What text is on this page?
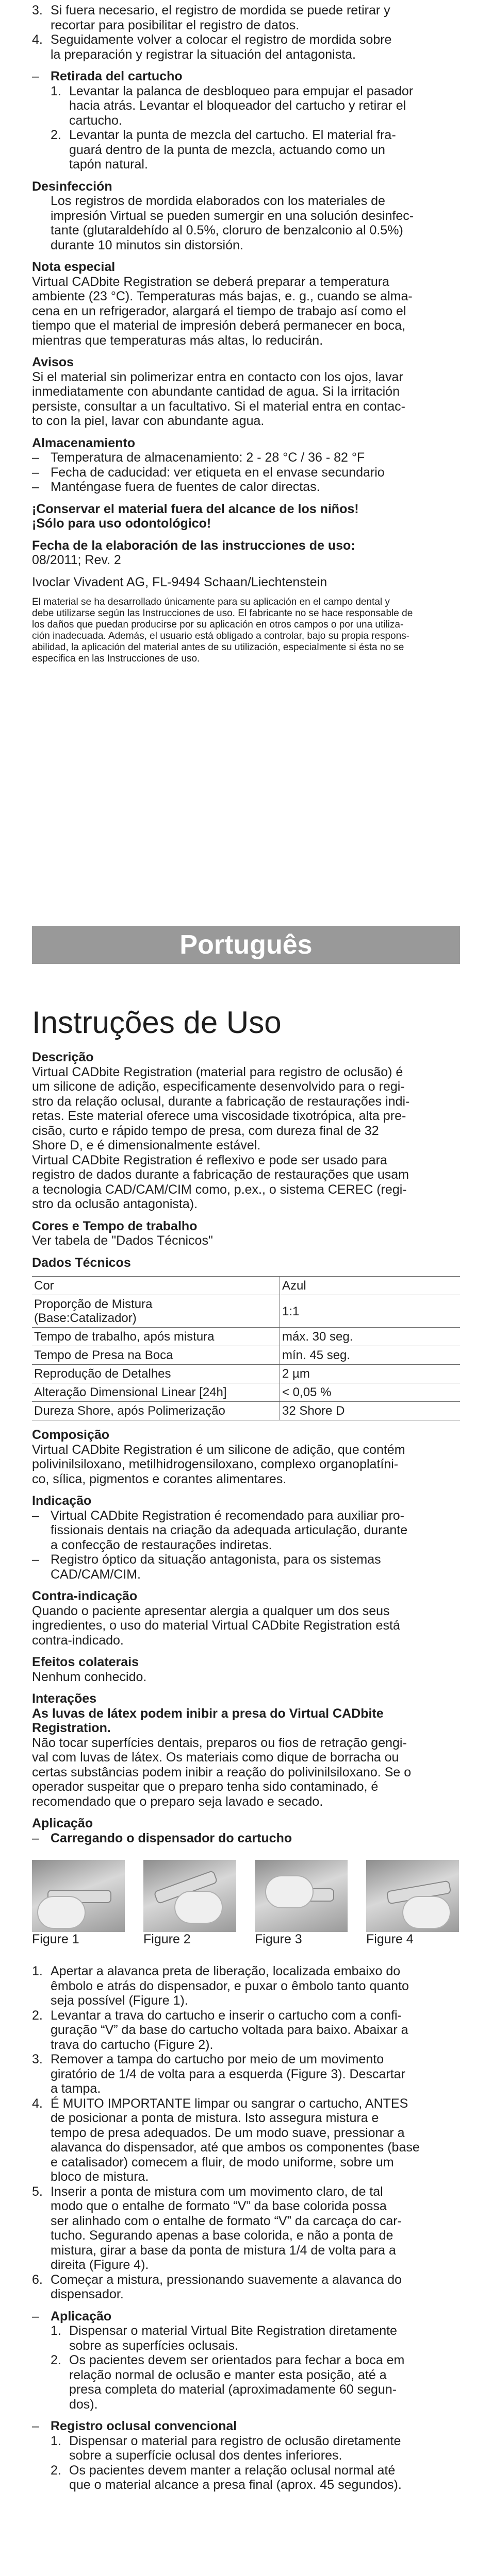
3. Si fuera necesario, el registro de mordida se puede retirar y
recortar para posibilitar el registro de datos.
4. Seguidamente volver a colocar el registro de mordida sobre
la preparación y registrar la situación del antagonista.
– Retirada del cartucho
1. Levantar la palanca de desbloqueo para empujar el pasador
hacia atrás. Levantar el bloqueador del cartucho y retirar el
cartucho.
2. Levantar la punta de mezcla del cartucho. El material fra-
guará dentro de la punta de mezcla, actuando como un
tapón natural.
Desinfección

Los registros de mordida elaborados con los materiales de
impresión Virtual se pueden sumergir en una solución desinfec-
tante (glutaraldehído al 0.5%, cloruro de benzalconio al 0.5%)
durante 10 minutos sin distorsión.

Nota especial

Virtual CADbite Registration se deberá preparar a temperatura
ambiente (23 °C). Temperaturas más bajas, e. g., cuando se alma-
cena en un refrigerador, alargará el tiempo de trabajo así como el
tiempo que el material de impresión deberá permanecer en boca,
mientras que temperaturas más altas, lo reducirán.

Avisos

Si el material sin polimerizar entra en contacto con los ojos, lavar
inmediatamente con abundante cantidad de agua. Si la irritación
persiste, consultar a un facultativo. Si el material entra en contac-
to con la piel, lavar con abundante agua.

Almacenamiento
– Temperatura de almacenamiento: 2 - 28 °C / 36 - 82 °F
– Fecha de caducidad: ver etiqueta en el envase secundario
– Manténgase fuera de fuentes de calor directas.

¡Conservar el material fuera del alcance de los niños!
¡Sólo para uso odontológico!

Fecha de la elaboración de las instrucciones de uso:

08/2011; Rev. 2

Ivoclar Vivadent AG, FL-9494 Schaan/Liechtenstein

El material se ha desarrollado únicamente para su aplicación en el campo dental y
debe utilizarse según las Instrucciones de uso. El fabricante no se hace responsable de
los daños que puedan producirse por su aplicación en otros campos o por una utiliza-
ción inadecuada. Además, el usuario está obligado a controlar, bajo su propia respons-
abilidad, la aplicación del material antes de su utilización, especialmente si ésta no se
especifica en las Instrucciones de uso.

Português
Instruções de Uso
Descrição

Virtual CADbite Registration (material para registro de oclusão) é
um silicone de adição, especificamente desenvolvido para o regi-
stro da relação oclusal, durante a fabricação de restaurações indi-
retas. Este material oferece uma viscosidade tixotrópica, alta pre-
cisão, curto e rápido tempo de presa, com dureza final de 32
Shore D, e é dimensionalmente estável.
Virtual CADbite Registration é reflexivo e pode ser usado para
registro de dados durante a fabricação de restaurações que usam
a tecnologia CAD/CAM/CIM como, p.ex., o sistema CEREC (regi-
stro da oclusão antagonista).

Cores e Tempo de trabalho

Ver tabela de "Dados Técnicos"

Dados Técnicos
Cor	Azul
Proporção de Mistura
(Base:Catalizador)	1:1
Tempo de trabalho, após mistura	máx. 30 seg.
Tempo de Presa na Boca	mín. 45 seg.
Reprodução de Detalhes	2 µm
Alteração Dimensional Linear [24h]	< 0,05 %
Dureza Shore, após Polimerização	32 Shore D
Composição

Virtual CADbite Registration é um silicone de adição, que contém
polivinilsiloxano, metilhidrogensiloxano, complexo organoplatíni-
co, sílica, pigmentos e corantes alimentares.

Indicação
– Virtual CADbite Registration é recomendado para auxiliar pro-
fissionais dentais na criação da adequada articulação, durante
a confecção de restaurações indiretas.
– Registro óptico da situação antagonista, para os sistemas
CAD/CAM/CIM.
Contra-indicação

Quando o paciente apresentar alergia a qualquer um dos seus
ingredientes, o uso do material Virtual CADbite Registration está
contra-indicado.

Efeitos colaterais

Nenhum conhecido.

Interações

As luvas de látex podem inibir a presa do Virtual CADbite
Registration.

Não tocar superfícies dentais, preparos ou fios de retração gengi-
val com luvas de látex. Os materiais como dique de borracha ou
certas substâncias podem inibir a reação do polivinilsiloxano. Se o
operador suspeitar que o preparo tenha sido contaminado, é
recomendado que o preparo seja lavado e secado.

Aplicação
– Carregando o dispensador do cartucho
Figure 1	Figure 2	Figure 3	Figure 4
1. Apertar a alavanca preta de liberação, localizada embaixo do
êmbolo e atrás do dispensador, e puxar o êmbolo tanto quanto
seja possível (Figure 1).
2. Levantar a trava do cartucho e inserir o cartucho com a confi-
guração “V” da base do cartucho voltada para baixo. Abaixar a
trava do cartucho (Figure 2).
3. Remover a tampa do cartucho por meio de um movimento
giratório de 1/4 de volta para a esquerda (Figure 3). Descartar
a tampa.
4. É MUITO IMPORTANTE limpar ou sangrar o cartucho, ANTES
de posicionar a ponta de mistura. Isto assegura mistura e
tempo de presa adequados. De um modo suave, pressionar a
alavanca do dispensador, até que ambos os componentes (base
e catalisador) comecem a fluir, de modo uniforme, sobre um
bloco de mistura.
5. Inserir a ponta de mistura com um movimento claro, de tal
modo que o entalhe de formato “V” da base colorida possa
ser alinhado com o entalhe de formato “V” da carcaça do car-
tucho. Segurando apenas a base colorida, e não a ponta de
mistura, girar a base da ponta de mistura 1/4 de volta para a
direita (Figure 4).
6. Começar a mistura, pressionando suavemente a alavanca do
dispensador.
– Aplicação
1. Dispensar o material Virtual Bite Registration diretamente
sobre as superfícies oclusais.
2. Os pacientes devem ser orientados para fechar a boca em
relação normal de oclusão e manter esta posição, até a
presa completa do material (aproximadamente 60 segun-
dos).
– Registro oclusal convencional
1. Dispensar o material para registro de oclusão diretamente
sobre a superfície oclusal dos dentes inferiores.
2. Os pacientes devem manter a relação oclusal normal até
que o material alcance a presa final (aprox. 45 segundos).
